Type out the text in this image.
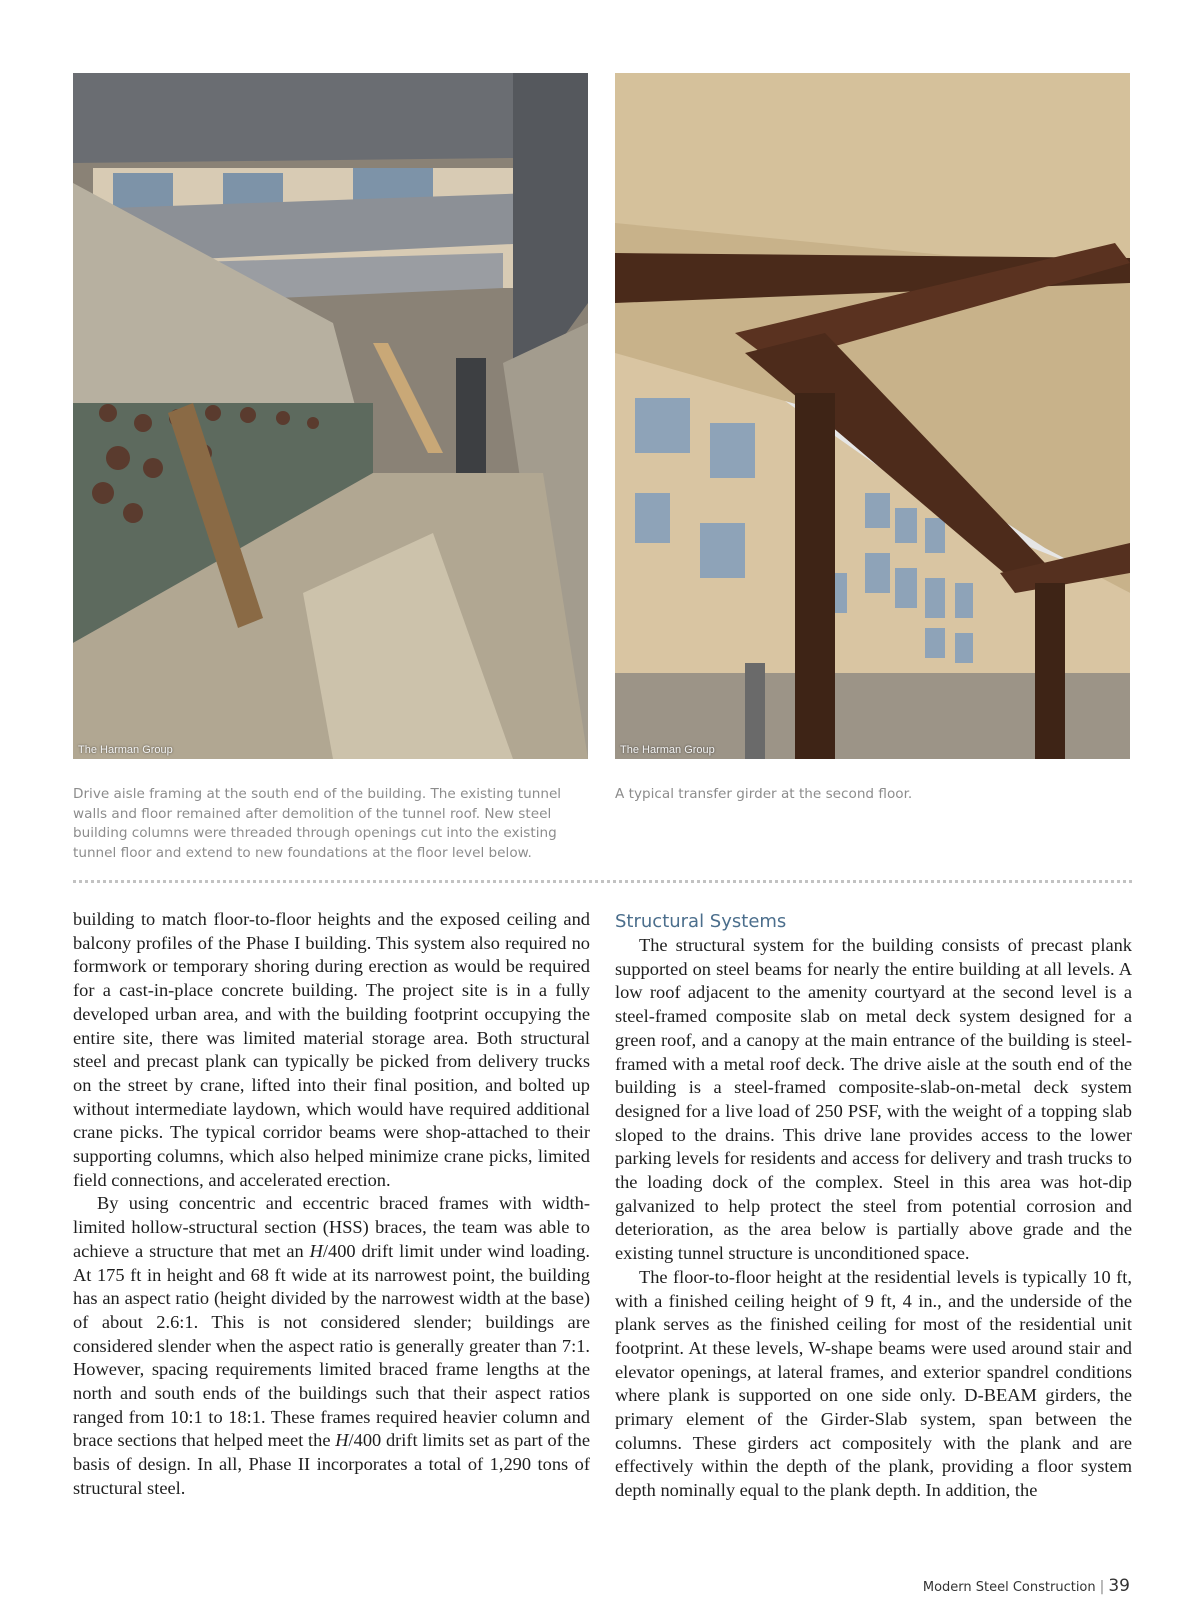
The Harman Group	The Harman Group
Drive aisle framing at the south end of the building. The existing tunnel walls and floor remained after demolition of the tunnel roof. New steel building columns were threaded through openings cut into the existing tunnel floor and extend to new foundations at the floor level below.
A typical transfer girder at the second floor.

building to match floor-to-floor heights and the exposed ceiling and balcony profiles of the Phase I building. This system also required no formwork or temporary shoring during erection as would be required for a cast-in-place concrete building. The project site is in a fully developed urban area, and with the building footprint occupying the entire site, there was limited material storage area. Both structural steel and precast plank can typically be picked from delivery trucks on the street by crane, lifted into their final position, and bolted up without intermediate laydown, which would have required additional crane picks. The typical corridor beams were shop-attached to their supporting columns, which also helped minimize crane picks, limited field connections, and accelerated erection.

By using concentric and eccentric braced frames with width-limited hollow-structural section (HSS) braces, the team was able to achieve a structure that met an H/400 drift limit under wind loading. At 175 ft in height and 68 ft wide at its narrowest point, the building has an aspect ratio (height divided by the narrowest width at the base) of about 2.6:1. This is not considered slender; buildings are considered slender when the aspect ratio is generally greater than 7:1. However, spacing requirements limited braced frame lengths at the north and south ends of the buildings such that their aspect ratios ranged from 10:1 to 18:1. These frames required heavier column and brace sections that helped meet the H/400 drift limits set as part of the basis of design. In all, Phase II incorporates a total of 1,290 tons of structural steel.

Structural Systems

The structural system for the building consists of precast plank supported on steel beams for nearly the entire building at all levels. A low roof adjacent to the amenity courtyard at the second level is a steel-framed composite slab on metal deck system designed for a green roof, and a canopy at the main entrance of the building is steel-framed with a metal roof deck. The drive aisle at the south end of the building is a steel-framed composite-slab-on-metal deck system designed for a live load of 250 PSF, with the weight of a topping slab sloped to the drains. This drive lane provides access to the lower parking levels for residents and access for delivery and trash trucks to the loading dock of the complex. Steel in this area was hot-dip galvanized to help protect the steel from potential corrosion and deterioration, as the area below is partially above grade and the existing tunnel structure is unconditioned space.

The floor-to-floor height at the residential levels is typically 10 ft, with a finished ceiling height of 9 ft, 4 in., and the underside of the plank serves as the finished ceiling for most of the residential unit footprint. At these levels, W-shape beams were used around stair and elevator openings, at lateral frames, and exterior spandrel conditions where plank is supported on one side only. D-BEAM girders, the primary element of the Girder-Slab system, span between the columns. These girders act compositely with the plank and are effectively within the depth of the plank, providing a floor system depth nominally equal to the plank depth. In addition, the

Modern Steel Construction | 39
